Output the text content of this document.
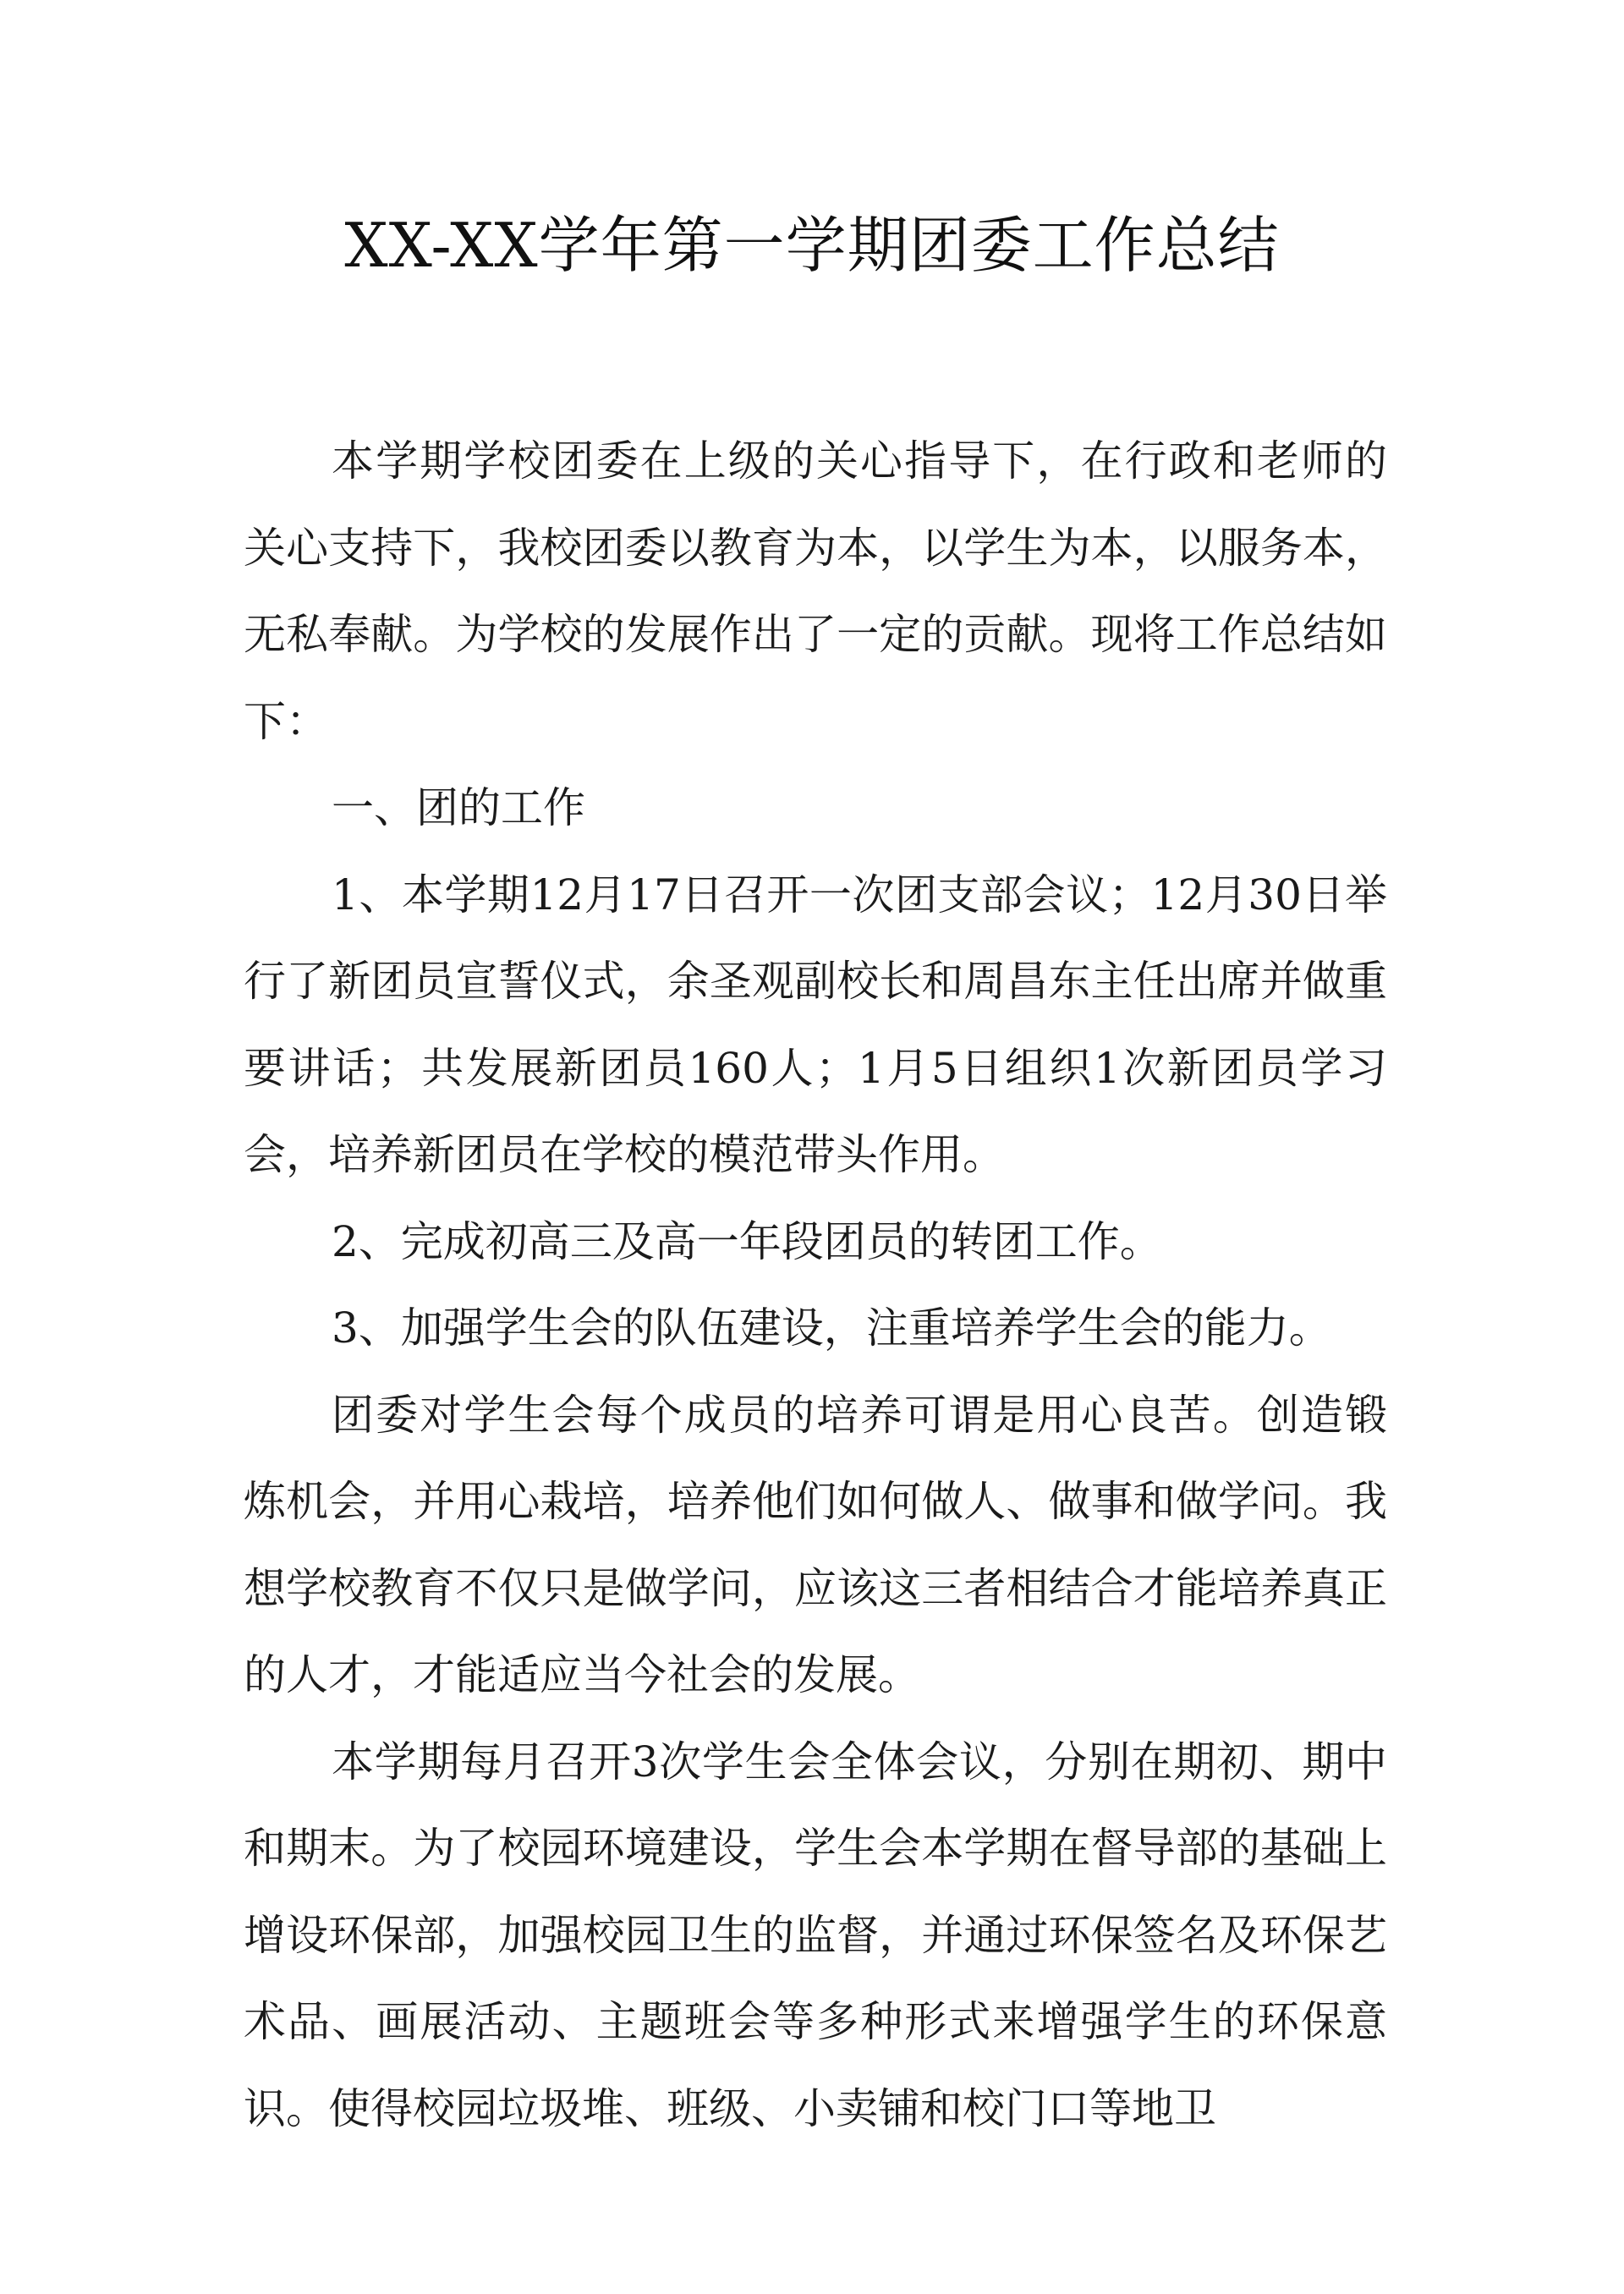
XX-XX学年第一学期团委工作总结

本学期学校团委在上级的关心指导下，在行政和老师的关心支持下，我校团委以教育为本，以学生为本，以服务本，无私奉献。为学校的发展作出了一定的贡献。现将工作总结如下：

一、团的工作

1、本学期12月17日召开一次团支部会议；12月30日举行了新团员宣誓仪式，余圣观副校长和周昌东主任出席并做重要讲话；共发展新团员160人；1月5日组织1次新团员学习会，培养新团员在学校的模范带头作用。

2、完成初高三及高一年段团员的转团工作。

3、加强学生会的队伍建设，注重培养学生会的能力。

团委对学生会每个成员的培养可谓是用心良苦。创造锻炼机会，并用心栽培，培养他们如何做人、做事和做学问。我想学校教育不仅只是做学问，应该这三者相结合才能培养真正的人才，才能适应当今社会的发展。

本学期每月召开3次学生会全体会议，分别在期初、期中和期末。为了校园环境建设，学生会本学期在督导部的基础上增设环保部，加强校园卫生的监督，并通过环保签名及环保艺术品、画展活动、主题班会等多种形式来增强学生的环保意识。使得校园垃圾堆、班级、小卖铺和校门口等地卫
